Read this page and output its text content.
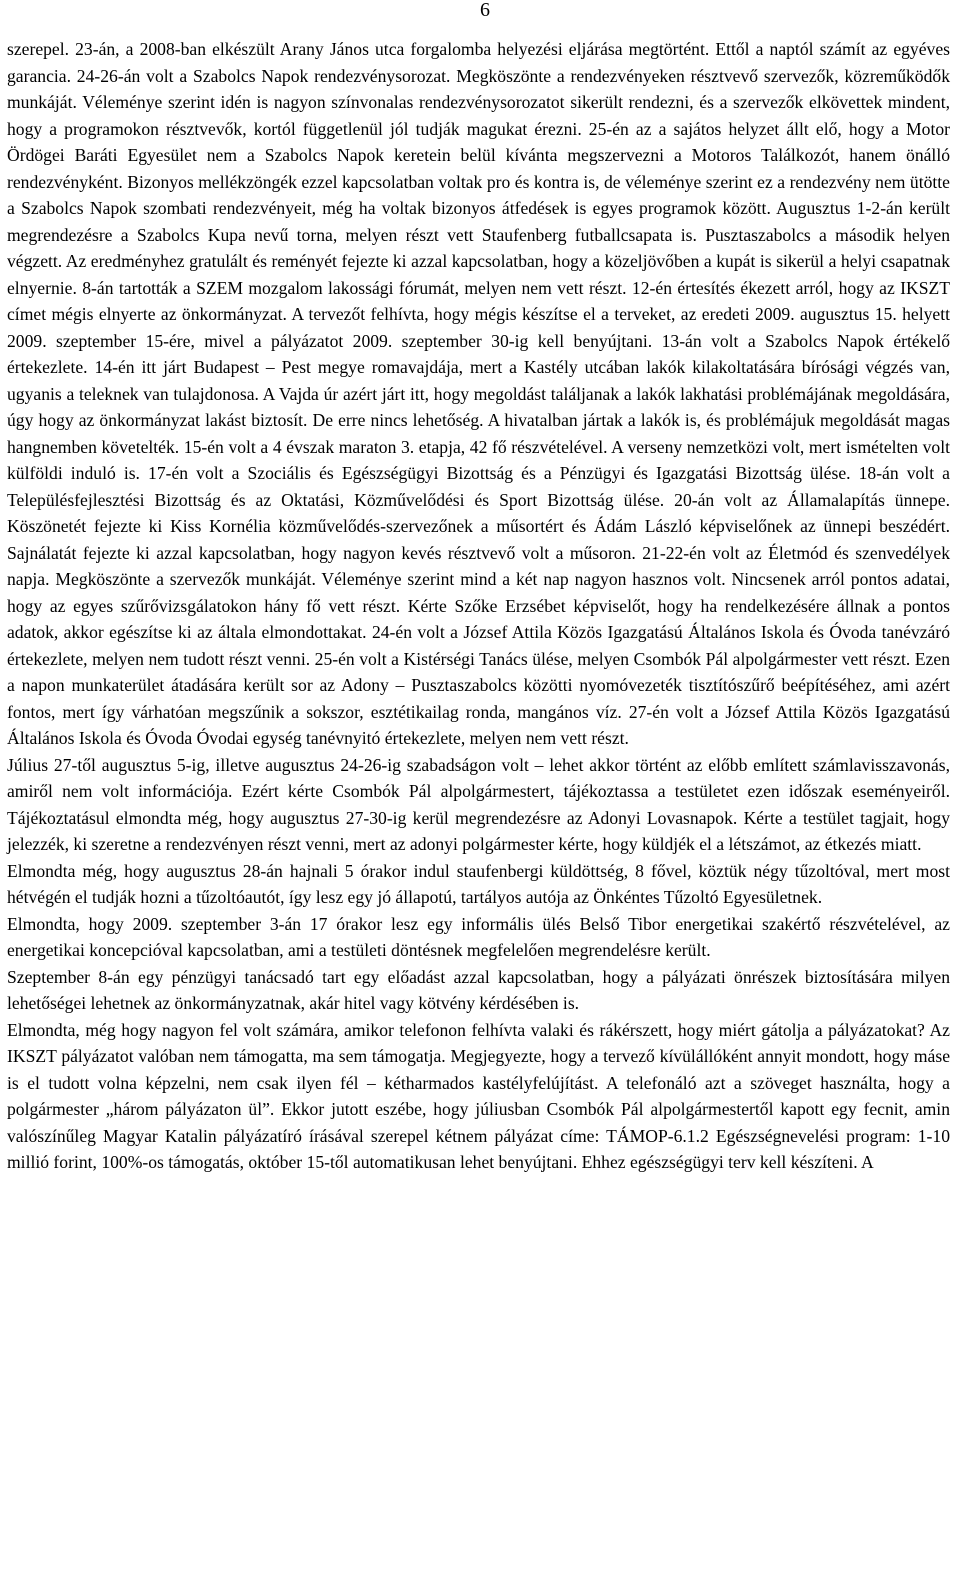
6

szerepel. 23-án, a 2008-ban elkészült Arany János utca forgalomba helyezési eljárása megtörtént. Ettől a naptól számít az egyéves garancia. 24-26-án volt a Szabolcs Napok rendezvénysorozat. Megköszönte a rendezvényeken résztvevő szervezők, közreműködők munkáját. Véleménye szerint idén is nagyon színvonalas rendezvénysorozatot sikerült rendezni, és a szervezők elkövettek mindent, hogy a programokon résztvevők, kortól függetlenül jól tudják magukat érezni. 25-én az a sajátos helyzet állt elő, hogy a Motor Ördögei Baráti Egyesület nem a Szabolcs Napok keretein belül kívánta megszervezni a Motoros Találkozót, hanem önálló rendezvényként. Bizonyos mellékzöngék ezzel kapcsolatban voltak pro és kontra is, de véleménye szerint ez a rendezvény nem ütötte a Szabolcs Napok szombati rendezvényeit, még ha voltak bizonyos átfedések is egyes programok között. Augusztus 1-2-án került megrendezésre a Szabolcs Kupa nevű torna, melyen részt vett Staufenberg futballcsapata is. Pusztaszabolcs a második helyen végzett. Az eredményhez gratulált és reményét fejezte ki azzal kapcsolatban, hogy a közeljövőben a kupát is sikerül a helyi csapatnak elnyernie. 8-án tartották a SZEM mozgalom lakossági fórumát, melyen nem vett részt. 12-én értesítés ékezett arról, hogy az IKSZT címet mégis elnyerte az önkormányzat. A tervezőt felhívta, hogy mégis készítse el a terveket, az eredeti 2009. augusztus 15. helyett 2009. szeptember 15-ére, mivel a pályázatot 2009. szeptember 30-ig kell benyújtani. 13-án volt a Szabolcs Napok értékelő értekezlete. 14-én itt járt Budapest – Pest megye romavajdája, mert a Kastély utcában lakók kilakoltatására bírósági végzés van, ugyanis a teleknek van tulajdonosa. A Vajda úr azért járt itt, hogy megoldást találjanak a lakók lakhatási problémájának megoldására, úgy hogy az önkormányzat lakást biztosít. De erre nincs lehetőség. A hivatalban jártak a lakók is, és problémájuk megoldását magas hangnemben követelték. 15-én volt a 4 évszak maraton 3. etapja, 42 fő részvételével. A verseny nemzetközi volt, mert ismételten volt külföldi induló is. 17-én volt a Szociális és Egészségügyi Bizottság és a Pénzügyi és Igazgatási Bizottság ülése. 18-án volt a Településfejlesztési Bizottság és az Oktatási, Közművelődési és Sport Bizottság ülése. 20-án volt az Államalapítás ünnepe. Köszönetét fejezte ki Kiss Kornélia közművelődés-szervezőnek a műsortért és Ádám László képviselőnek az ünnepi beszédért. Sajnálatát fejezte ki azzal kapcsolatban, hogy nagyon kevés résztvevő volt a műsoron. 21-22-én volt az Életmód és szenvedélyek napja. Megköszönte a szervezők munkáját. Véleménye szerint mind a két nap nagyon hasznos volt. Nincsenek arról pontos adatai, hogy az egyes szűrővizsgálatokon hány fő vett részt. Kérte Szőke Erzsébet képviselőt, hogy ha rendelkezésére állnak a pontos adatok, akkor egészítse ki az általa elmondottakat. 24-én volt a József Attila Közös Igazgatású Általános Iskola és Óvoda tanévzáró értekezlete, melyen nem tudott részt venni. 25-én volt a Kistérségi Tanács ülése, melyen Csombók Pál alpolgármester vett részt. Ezen a napon munkaterület átadására került sor az Adony – Pusztaszabolcs közötti nyomóvezeték tisztítószűrő beépítéséhez, ami azért fontos, mert így várhatóan megszűnik a sokszor, esztétikailag ronda, mangános víz. 27-én volt a József Attila Közös Igazgatású Általános Iskola és Óvoda Óvodai egység tanévnyitó értekezlete, melyen nem vett részt.

Július 27-től augusztus 5-ig, illetve augusztus 24-26-ig szabadságon volt – lehet akkor történt az előbb említett számlavisszavonás, amiről nem volt információja. Ezért kérte Csombók Pál alpolgármestert, tájékoztassa a testületet ezen időszak eseményeiről. Tájékoztatásul elmondta még, hogy augusztus 27-30-ig kerül megrendezésre az Adonyi Lovasnapok. Kérte a testület tagjait, hogy jelezzék, ki szeretne a rendezvényen részt venni, mert az adonyi polgármester kérte, hogy küldjék el a létszámot, az étkezés miatt.

Elmondta még, hogy augusztus 28-án hajnali 5 órakor indul staufenbergi küldöttség, 8 fővel, köztük négy tűzoltóval, mert most hétvégén el tudják hozni a tűzoltóautót, így lesz egy jó állapotú, tartályos autója az Önkéntes Tűzoltó Egyesületnek.

Elmondta, hogy 2009. szeptember 3-án 17 órakor lesz egy informális ülés Belső Tibor energetikai szakértő részvételével, az energetikai koncepcióval kapcsolatban, ami a testületi döntésnek megfelelően megrendelésre került.

Szeptember 8-án egy pénzügyi tanácsadó tart egy előadást azzal kapcsolatban, hogy a pályázati önrészek biztosítására milyen lehetőségei lehetnek az önkormányzatnak, akár hitel vagy kötvény kérdésében is.

Elmondta, még hogy nagyon fel volt számára, amikor telefonon felhívta valaki és rákérszett, hogy miért gátolja a pályázatokat? Az IKSZT pályázatot valóban nem támogatta, ma sem támogatja. Megjegyezte, hogy a tervező kívülállóként annyit mondott, hogy máse is el tudott volna képzelni, nem csak ilyen fél – kétharmados kastélyfelújítást. A telefonáló azt a szöveget használta, hogy a polgármester „három pályázaton ül”. Ekkor jutott eszébe, hogy júliusban Csombók Pál alpolgármestertől kapott egy fecnit, amin valószínűleg Magyar Katalin pályázatíró írásával szerepel kétnem pályázat címe: TÁMOP-6.1.2 Egészségnevelési program: 1-10 millió forint, 100%-os támogatás, október 15-től automatikusan lehet benyújtani. Ehhez egészségügyi terv kell készíteni. A
